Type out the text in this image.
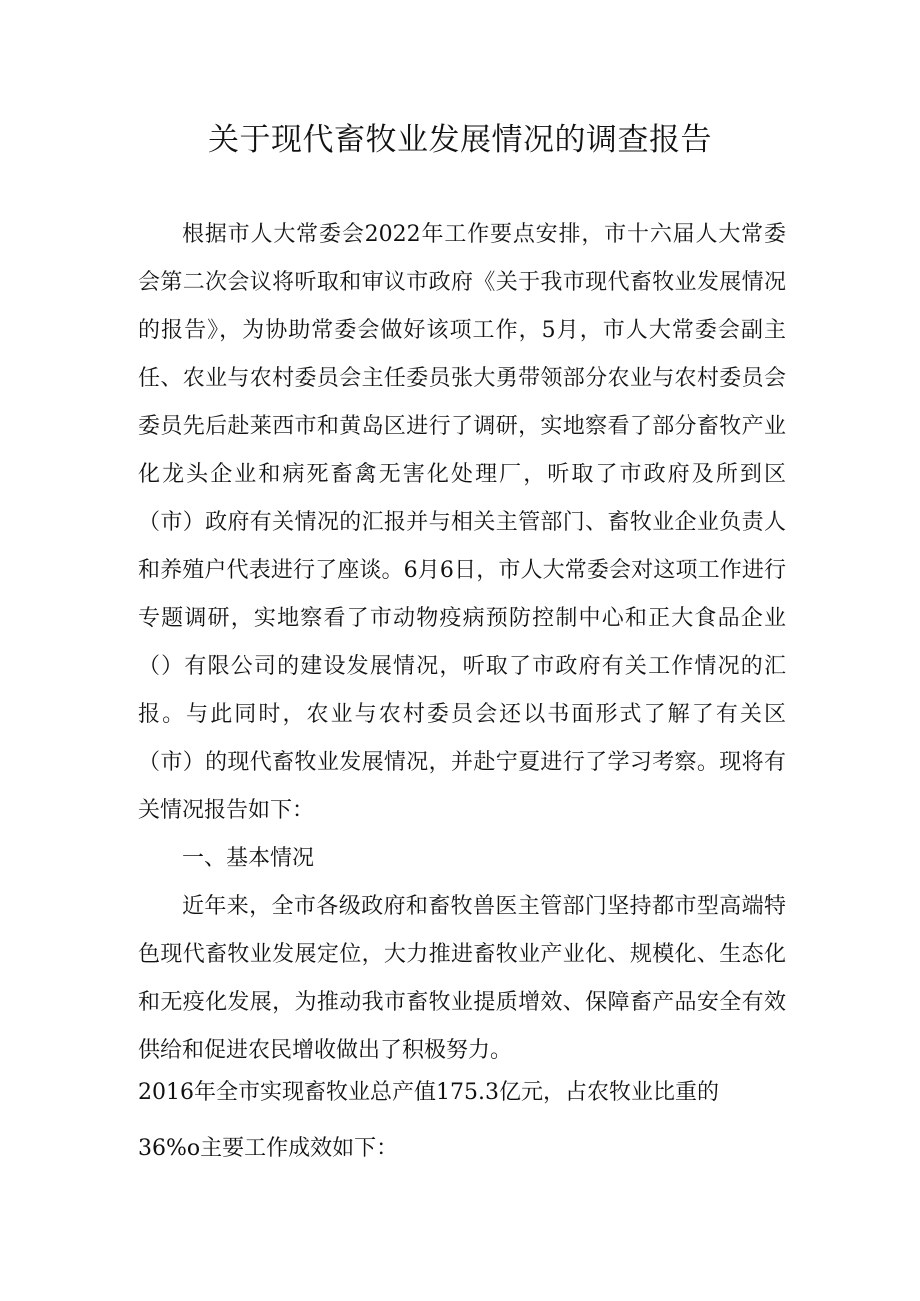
关于现代畜牧业发展情况的调查报告

根据市人大常委会2022年工作要点安排，市十六届人大常委会第二次会议将听取和审议市政府《关于我市现代畜牧业发展情况的报告》，为协助常委会做好该项工作，5月，市人大常委会副主任、农业与农村委员会主任委员张大勇带领部分农业与农村委员会委员先后赴莱西市和黄岛区进行了调研，实地察看了部分畜牧产业化龙头企业和病死畜禽无害化处理厂，听取了市政府及所到区（市）政府有关情况的汇报并与相关主管部门、畜牧业企业负责人和养殖户代表进行了座谈。6月6日，市人大常委会对这项工作进行专题调研，实地察看了市动物疫病预防控制中心和正大食品企业（）有限公司的建设发展情况，听取了市政府有关工作情况的汇报。与此同时，农业与农村委员会还以书面形式了解了有关区（市）的现代畜牧业发展情况，并赴宁夏进行了学习考察。现将有关情况报告如下：

一、基本情况

近年来，全市各级政府和畜牧兽医主管部门坚持都市型高端特色现代畜牧业发展定位，大力推进畜牧业产业化、规模化、生态化和无疫化发展，为推动我市畜牧业提质增效、保障畜产品安全有效供给和促进农民增收做出了积极努力。

2016年全市实现畜牧业总产值175.3亿元，占农牧业比重的

36%o主要工作成效如下：
